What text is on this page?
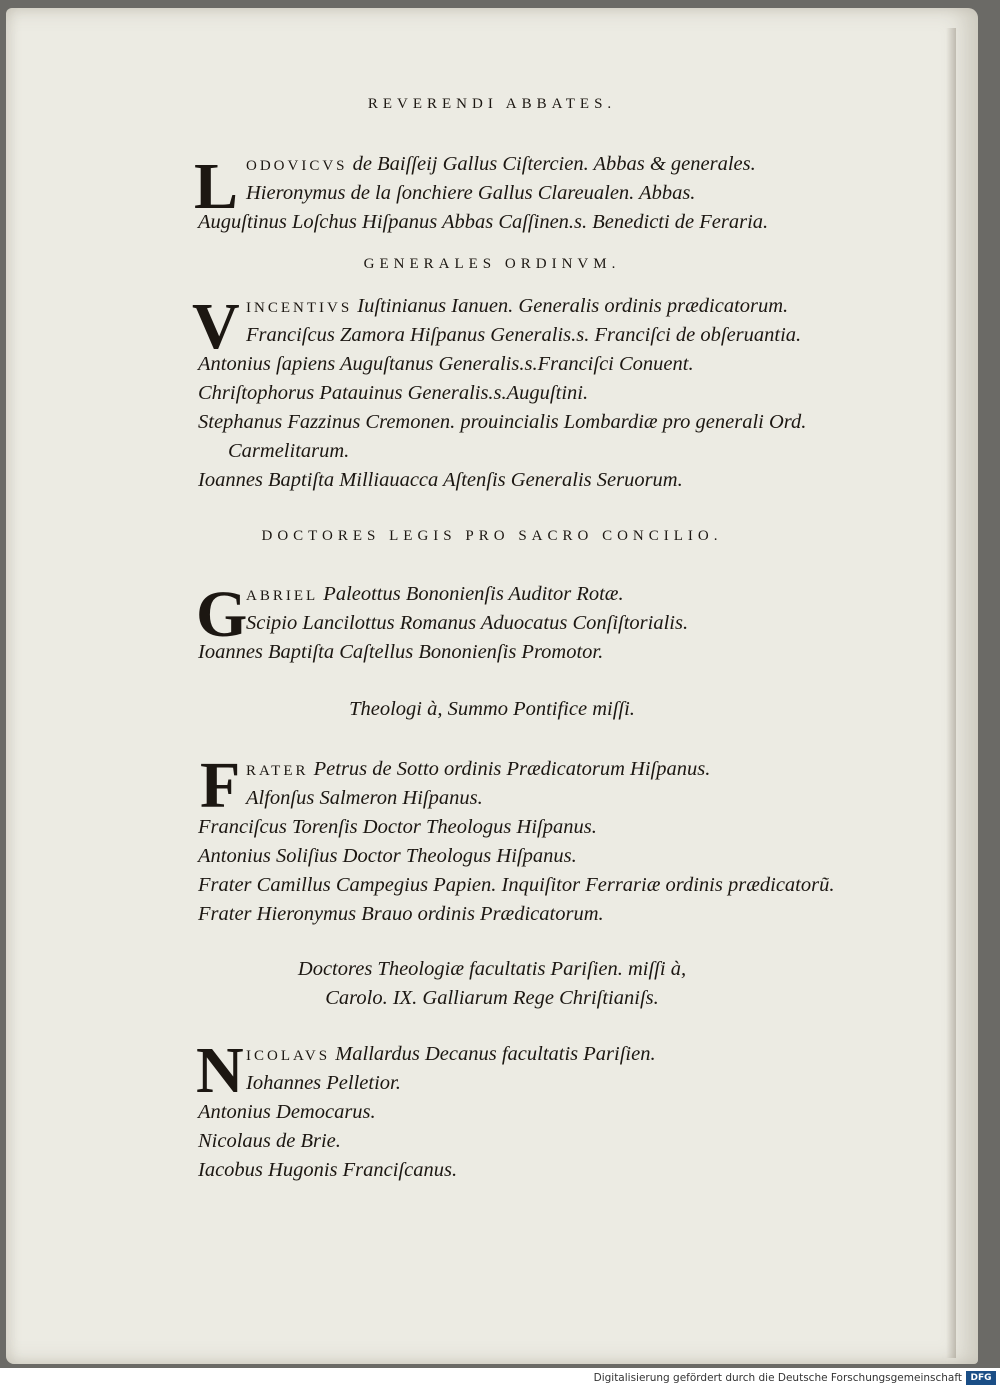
REVERENDI ABBATES.
L ODOVICVS de Baiſſeij Gallus Ciſtercien. Abbas & generales.
Hieronymus de la ſonchiere Gallus Clareualen. Abbas.
Auguſtinus Loſchus Hiſpanus Abbas Caſſinen.s. Benedicti de Feraria.
GENERALES ORDINVM.
V INCENTIVS Iuſtinianus Ianuen. Generalis ordinis prædicatorum.
Franciſcus Zamora Hiſpanus Generalis.s. Franciſci de obſeruantia.
Antonius ſapiens Auguſtanus Generalis.s.Franciſci Conuent.
Chriſtophorus Patauinus Generalis.s.Auguſtini.
Stephanus Fazzinus Cremonen. prouincialis Lombardiæ pro generali Ord.
Carmelitarum.
Ioannes Baptiſta Milliauacca Aſtenſis Generalis Seruorum.
DOCTORES LEGIS PRO SACRO CONCILIO.
G
ABRIEL Paleottus Bononienſis Auditor Rotæ.
Scipio Lancilottus Romanus Aduocatus Conſiſtorialis.
Ioannes Baptiſta Caſtellus Bononienſis Promotor.
Theologi à, Summo Pontifice miſſi.
F RATER Petrus de Sotto ordinis Prædicatorum Hiſpanus.
Alfonſus Salmeron Hiſpanus.
Franciſcus Torenſis Doctor Theologus Hiſpanus.
Antonius Soliſius Doctor Theologus Hiſpanus.
Frater Camillus Campegius Papien. Inquiſitor Ferrariæ ordinis prædicatorũ.
Frater Hieronymus Brauo ordinis Prædicatorum.
Doctores Theologiæ facultatis Pariſien. miſſi à,
Carolo. IX. Galliarum Rege Chriſtianiſs.
N ICOLAVS Mallardus Decanus facultatis Pariſien.
Iohannes Pelletior.
Antonius Democarus.
Nicolaus de Brie.
Iacobus Hugonis Franciſcanus.
Digitalisierung gefördert durch die Deutsche Forschungsgemeinschaft DFG
